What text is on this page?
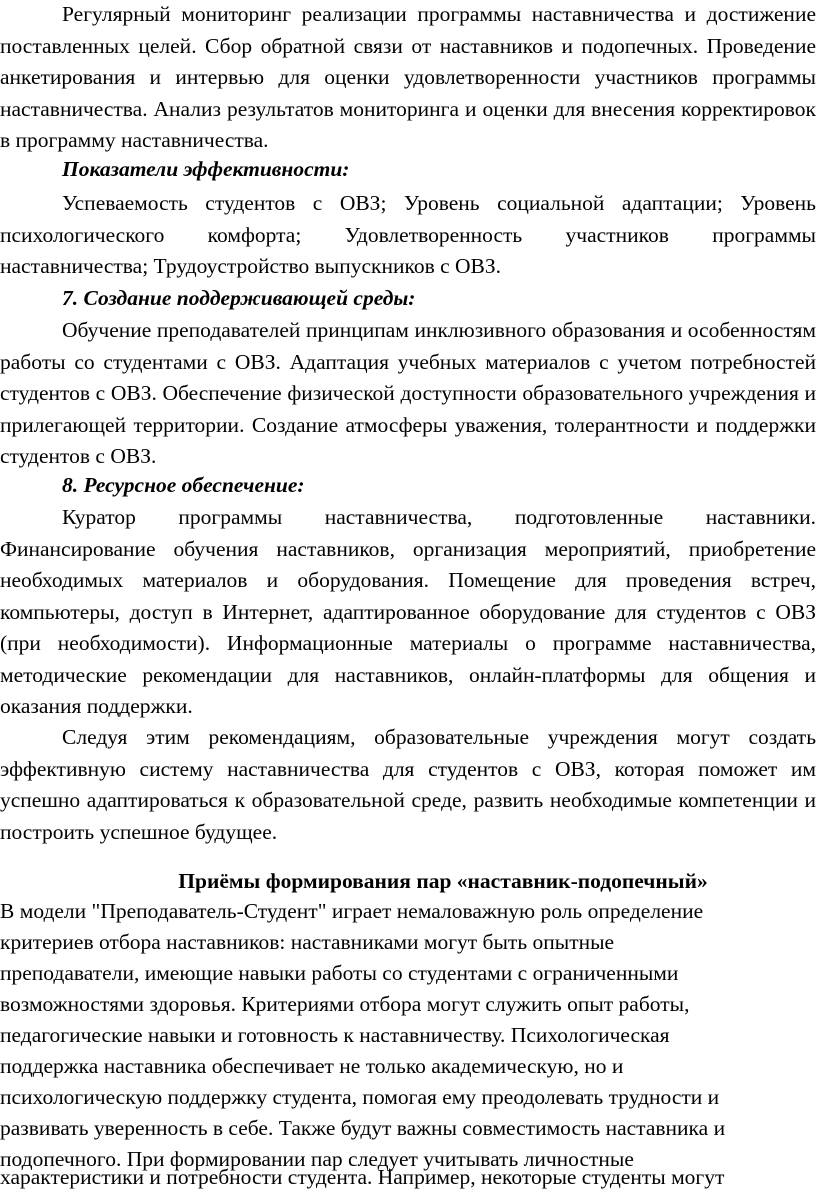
Регулярный мониторинг реализации программы наставничества и достижение поставленных целей. Сбор обратной связи от наставников и подопечных. Проведение анкетирования и интервью для оценки удовлетворенности участников программы наставничества. Анализ результатов мониторинга и оценки для внесения корректировок в программу наставничества.

Показатели эффективности:

Успеваемость студентов с ОВЗ; Уровень социальной адаптации; Уровень психологического комфорта; Удовлетворенность участников программы наставничества; Трудоустройство выпускников с ОВЗ.

7. Создание поддерживающей среды:

Обучение преподавателей принципам инклюзивного образования и особенностям работы со студентами с ОВЗ. Адаптация учебных материалов с учетом потребностей студентов с ОВЗ. Обеспечение физической доступности образовательного учреждения и прилегающей территории. Создание атмосферы уважения, толерантности и поддержки студентов с ОВЗ.

8. Ресурсное обеспечение:

Куратор программы наставничества, подготовленные наставники. Финансирование обучения наставников, организация мероприятий, приобретение необходимых материалов и оборудования. Помещение для проведения встреч, компьютеры, доступ в Интернет, адаптированное оборудование для студентов с ОВЗ (при необходимости). Информационные материалы о программе наставничества, методические рекомендации для наставников, онлайн-платформы для общения и оказания поддержки.

Следуя этим рекомендациям, образовательные учреждения могут создать эффективную систему наставничества для студентов с ОВЗ, которая поможет им успешно адаптироваться к образовательной среде, развить необходимые компетенции и построить успешное будущее.

Приёмы формирования пар «наставник-подопечный»

В модели "Преподаватель-Студент" играет немаловажную роль определение

критериев отбора наставников: наставниками могут быть опытные

преподаватели, имеющие навыки работы со студентами с ограниченными

возможностями здоровья. Критериями отбора могут служить опыт работы,

педагогические навыки и готовность к наставничеству. Психологическая

поддержка наставника обеспечивает не только академическую, но и

психологическую поддержку студента, помогая ему преодолевать трудности и

развивать уверенность в себе. Также будут важны совместимость наставника и

подопечного. При формировании пар следует учитывать личностные

характеристики и потребности студента. Например, некоторые студенты могут
